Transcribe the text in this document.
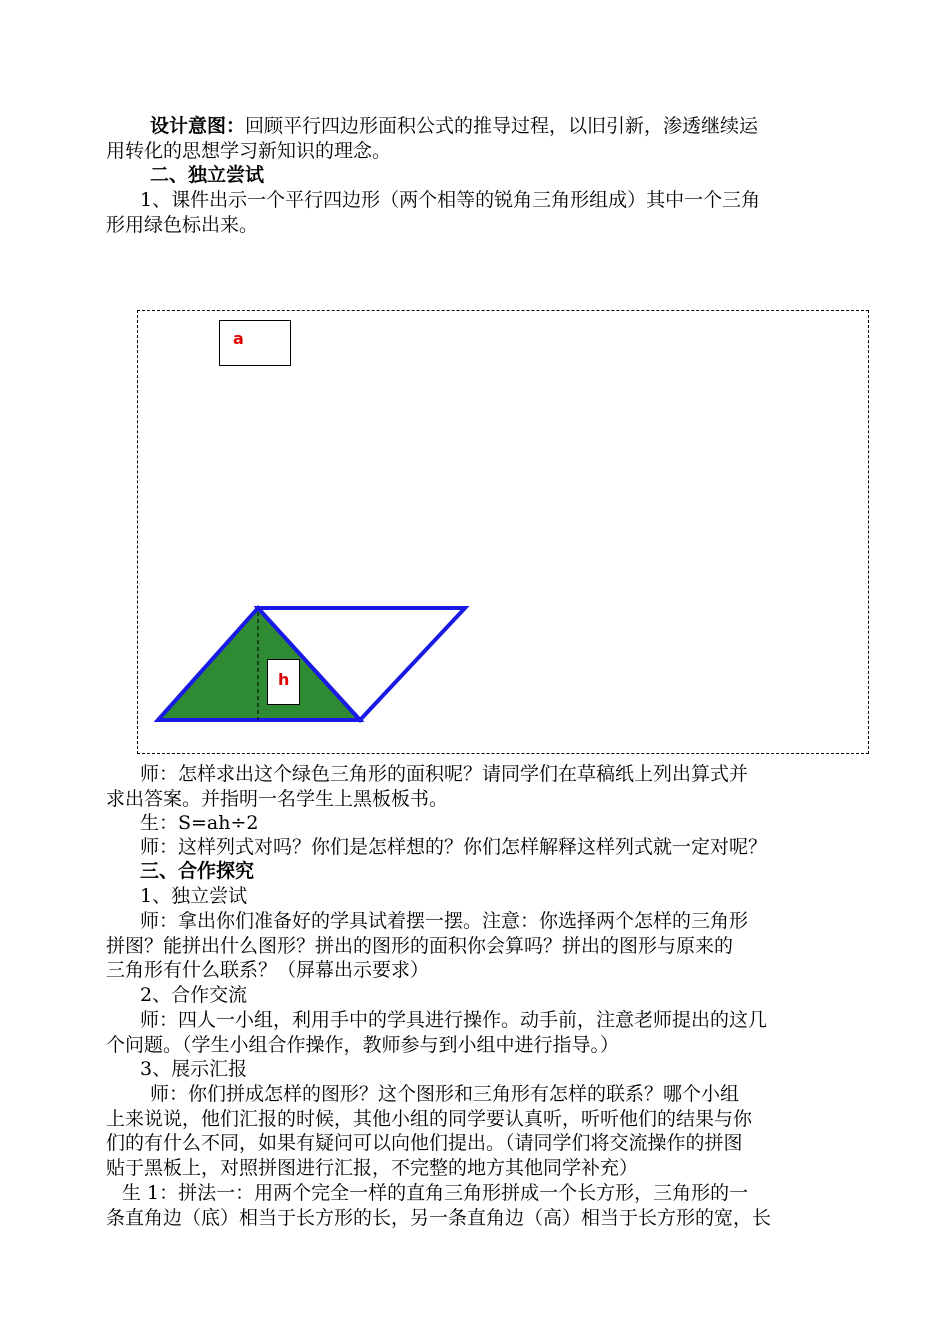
设计意图：回顾平行四边形面积公式的推导过程，以旧引新，渗透继续运
用转化的思想学习新知识的理念。
二、独立尝试
1、课件出示一个平行四边形（两个相等的锐角三角形组成）其中一个三角
形用绿色标出来。
a
h
师：怎样求出这个绿色三角形的面积呢？请同学们在草稿纸上列出算式并
求出答案。并指明一名学生上黑板板书。
生：S=ah÷2
师：这样列式对吗？你们是怎样想的？你们怎样解释这样列式就一定对呢？
三、合作探究
1、独立尝试
师：拿出你们准备好的学具试着摆一摆。注意：你选择两个怎样的三角形
拼图？能拼出什么图形？拼出的图形的面积你会算吗？拼出的图形与原来的
三角形有什么联系？（屏幕出示要求）
2、合作交流
师：四人一小组，利用手中的学具进行操作。动手前，注意老师提出的这几
个问题。（学生小组合作操作，教师参与到小组中进行指导。）
3、展示汇报
师：你们拼成怎样的图形？这个图形和三角形有怎样的联系？哪个小组
上来说说，他们汇报的时候，其他小组的同学要认真听，听听他们的结果与你
们的有什么不同，如果有疑问可以向他们提出。（请同学们将交流操作的拼图
贴于黑板上，对照拼图进行汇报，不完整的地方其他同学补充）
生 1：拼法一：用两个完全一样的直角三角形拼成一个长方形，三角形的一
条直角边（底）相当于长方形的长，另一条直角边（高）相当于长方形的宽，长
